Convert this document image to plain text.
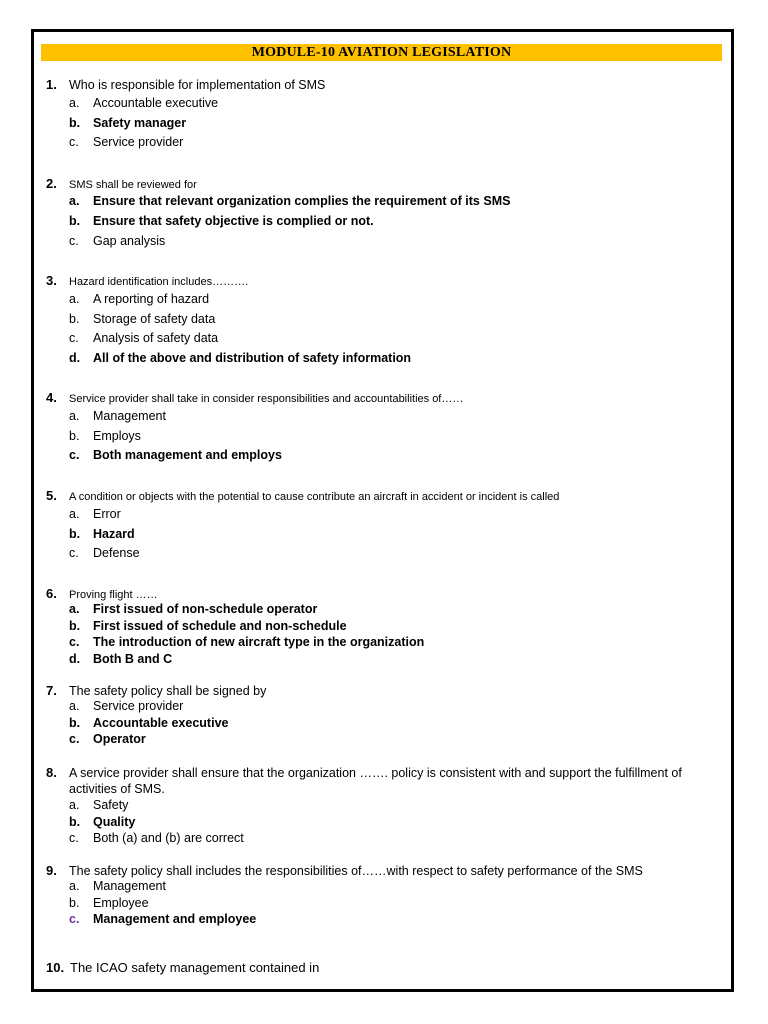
MODULE-10 AVIATION LEGISLATION
1. Who is responsible for implementation of SMS
a.	Accountable executive
b.	Safety manager
c.	Service provider
2.	SMS shall be reviewed for
a.	Ensure that relevant organization complies the requirement of its SMS
b.	Ensure that safety objective is complied or not.
c.	Gap analysis
3.	Hazard identification includes……….
a.	A reporting of hazard
b.	Storage of safety data
c.	Analysis of safety data
d.	All of the above and distribution of safety information
4.	Service provider shall take in consider responsibilities and accountabilities of……
a.	Management
b.	Employs
c.	Both management and employs
5.	A condition or objects with the potential to cause contribute an aircraft in accident or incident is called
a.	Error
b.	Hazard
c.	Defense
6.	Proving flight ……
a.	First issued of non-schedule operator
b.	First issued of schedule and non-schedule
c.	The introduction of new aircraft type in the organization
d.	Both B and C
7. The safety policy shall be signed by
a.	Service provider
b.	Accountable executive
c.	Operator
8. A service provider shall ensure that the organization ……. policy is consistent with and support the fulfillment of activities of SMS.
a.	Safety
b.	Quality
c.	Both (a) and (b) are correct
9. The safety policy shall includes the responsibilities of……with respect to safety performance of the SMS
a.	Management
b.	Employee
c.	Management and employee
10. The ICAO safety management contained in
